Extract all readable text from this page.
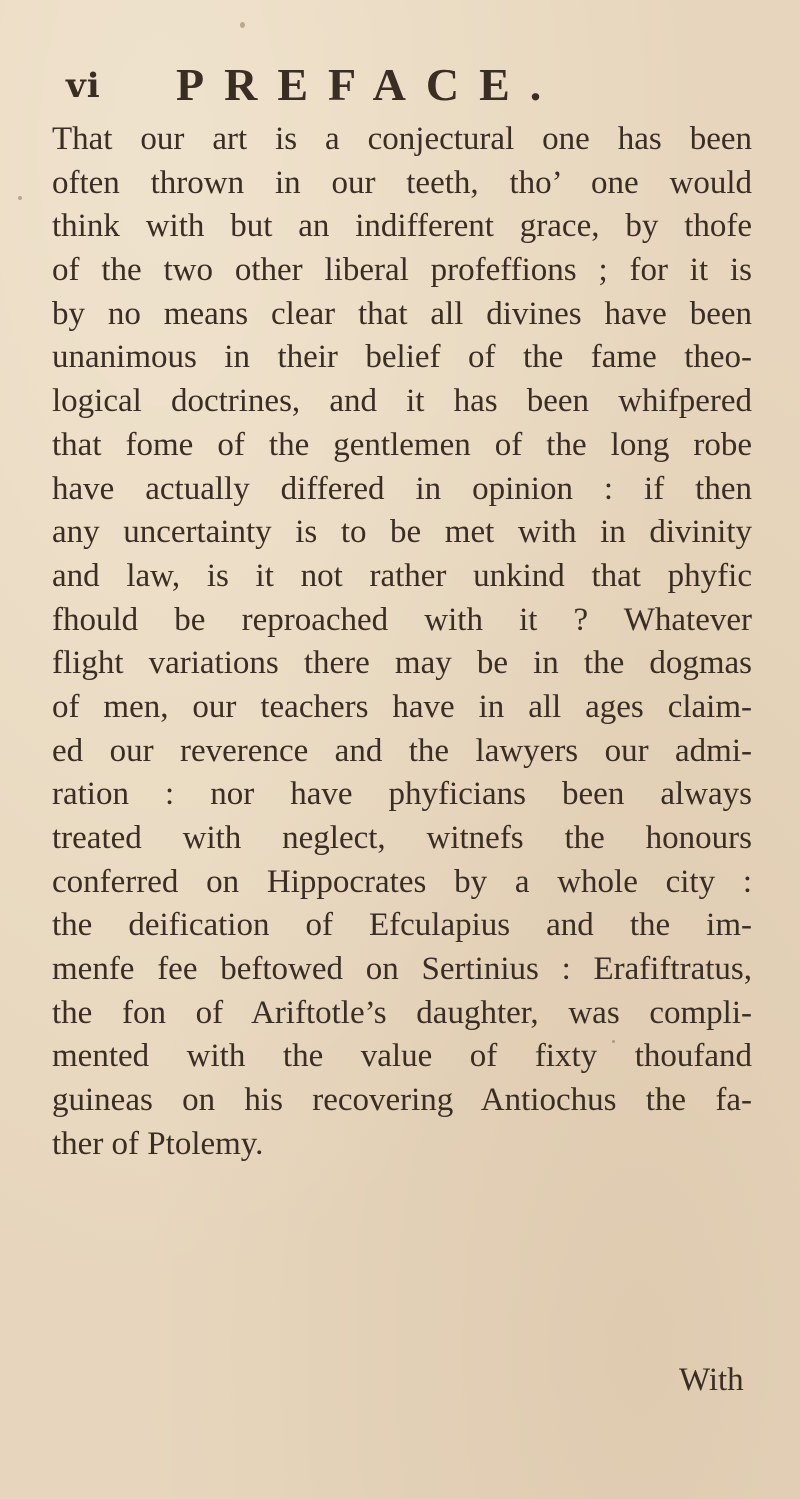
vi PREFACE.
That our art is a conjectural one has been
often thrown in our teeth, tho’ one would
think with but an indifferent grace, by thofe
of the two other liberal profeffions ; for it is
by no means clear that all divines have been
unanimous in their belief of the fame theo-
logical doctrines, and it has been whifpered
that fome of the gentlemen of the long robe
have actually differed in opinion : if then
any uncertainty is to be met with in divinity
and law, is it not rather unkind that phyfic
fhould be reproached with it ? Whatever
flight variations there may be in the dogmas
of men, our teachers have in all ages claim-
ed our reverence and the lawyers our admi-
ration : nor have phyficians been always
treated with neglect, witnefs the honours
conferred on Hippocrates by a whole city :
the deification of Efculapius and the im-
menfe fee beftowed on Sertinius : Erafiftratus,
the fon of Ariftotle’s daughter, was compli-
mented with the value of fixty thoufand
guineas on his recovering Antiochus the fa-
ther of Ptolemy.
With
